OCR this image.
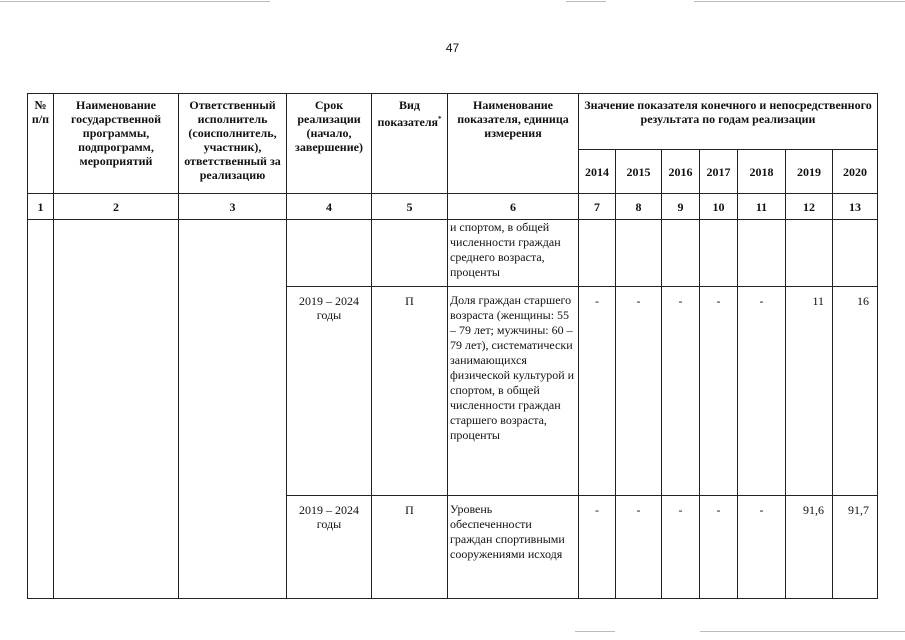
47
№ п/п	Наименование государственной программы, подпрограмм, мероприятий	Ответственный исполнитель (соисполнитель, участник), ответственный за реализацию	Срок реализации (начало, завершение)	Вид показателя*	Наименование показателя, единица измерения	Значение показателя конечного и непосредственного результата по годам реализации						
						2014	2015	2016	2017	2018	2019	2020
1	2	3	4	5	6	7	8	9	10	11	12	13
					и спортом, в общей численности граждан среднего возраста, проценты							
			2019 – 2024 годы	П	Доля граждан старшего возраста (женщины: 55 – 79 лет; мужчины: 60 – 79 лет), систематически занимающихся физической культурой и спортом, в общей численности граждан старшего возраста, проценты	-	-	-	-	-	11	16
			2019 – 2024 годы	П	Уровень обеспеченности граждан спортивными сооружениями исходя	-	-	-	-	-	91,6	91,7
